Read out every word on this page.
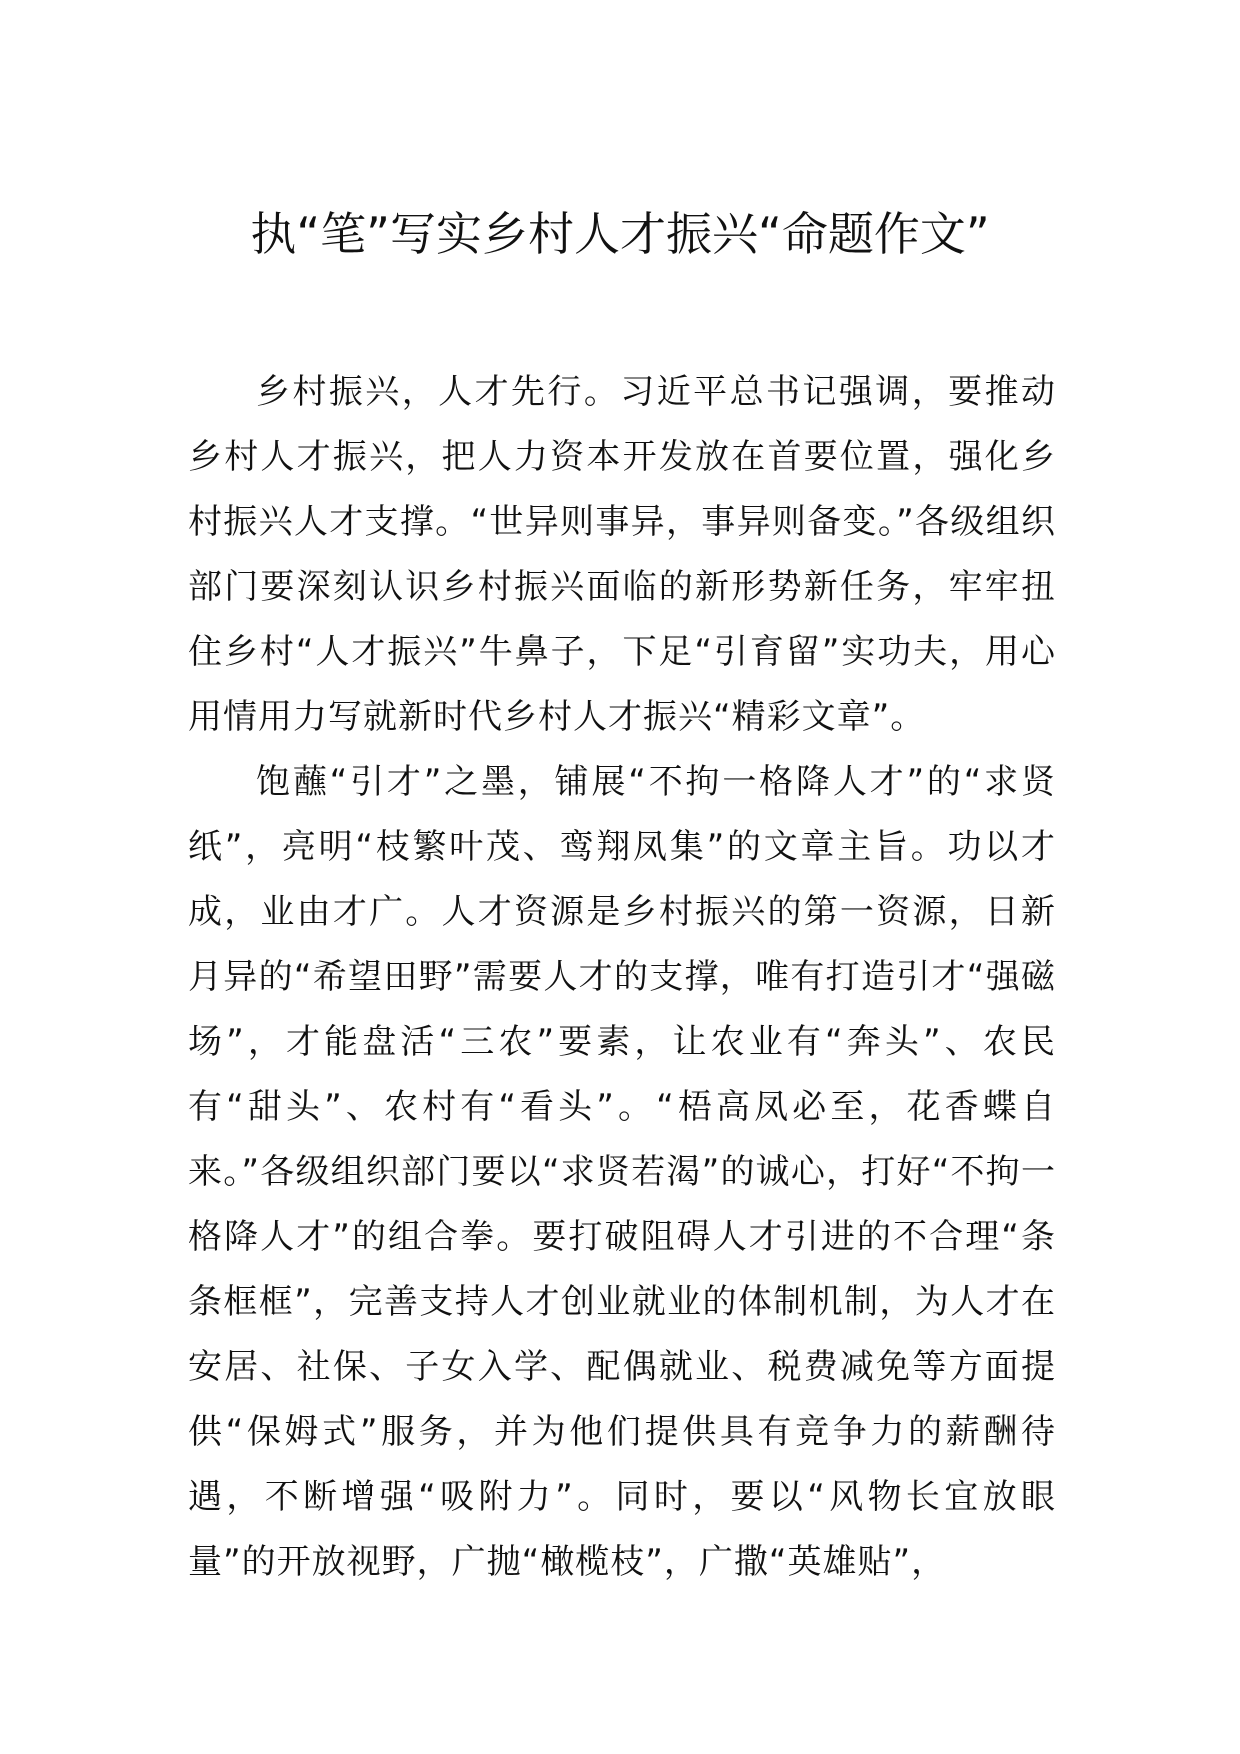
执“笔”写实乡村人才振兴“命题作文”

乡村振兴，人才先行。习近平总书记强调，要推动乡村人才振兴，把人力资本开发放在首要位置，强化乡村振兴人才支撑。“世异则事异，事异则备变。”各级组织部门要深刻认识乡村振兴面临的新形势新任务，牢牢扭住乡村“人才振兴”牛鼻子，下足“引育留”实功夫，用心用情用力写就新时代乡村人才振兴“精彩文章”。

饱蘸“引才”之墨，铺展“不拘一格降人才”的“求贤纸”，亮明“枝繁叶茂、鸾翔凤集”的文章主旨。功以才成，业由才广。人才资源是乡村振兴的第一资源，日新月异的“希望田野”需要人才的支撑，唯有打造引才“强磁场”，才能盘活“三农”要素，让农业有“奔头”、农民有“甜头”、农村有“看头”。“梧高凤必至，花香蝶自来。”各级组织部门要以“求贤若渴”的诚心，打好“不拘一格降人才”的组合拳。要打破阻碍人才引进的不合理“条条框框”，完善支持人才创业就业的体制机制，为人才在安居、社保、子女入学、配偶就业、税费减免等方面提供“保姆式”服务，并为他们提供具有竞争力的薪酬待遇，不断增强“吸附力”。同时，要以“风物长宜放眼量”的开放视野，广抛“橄榄枝”，广撒“英雄贴”，
